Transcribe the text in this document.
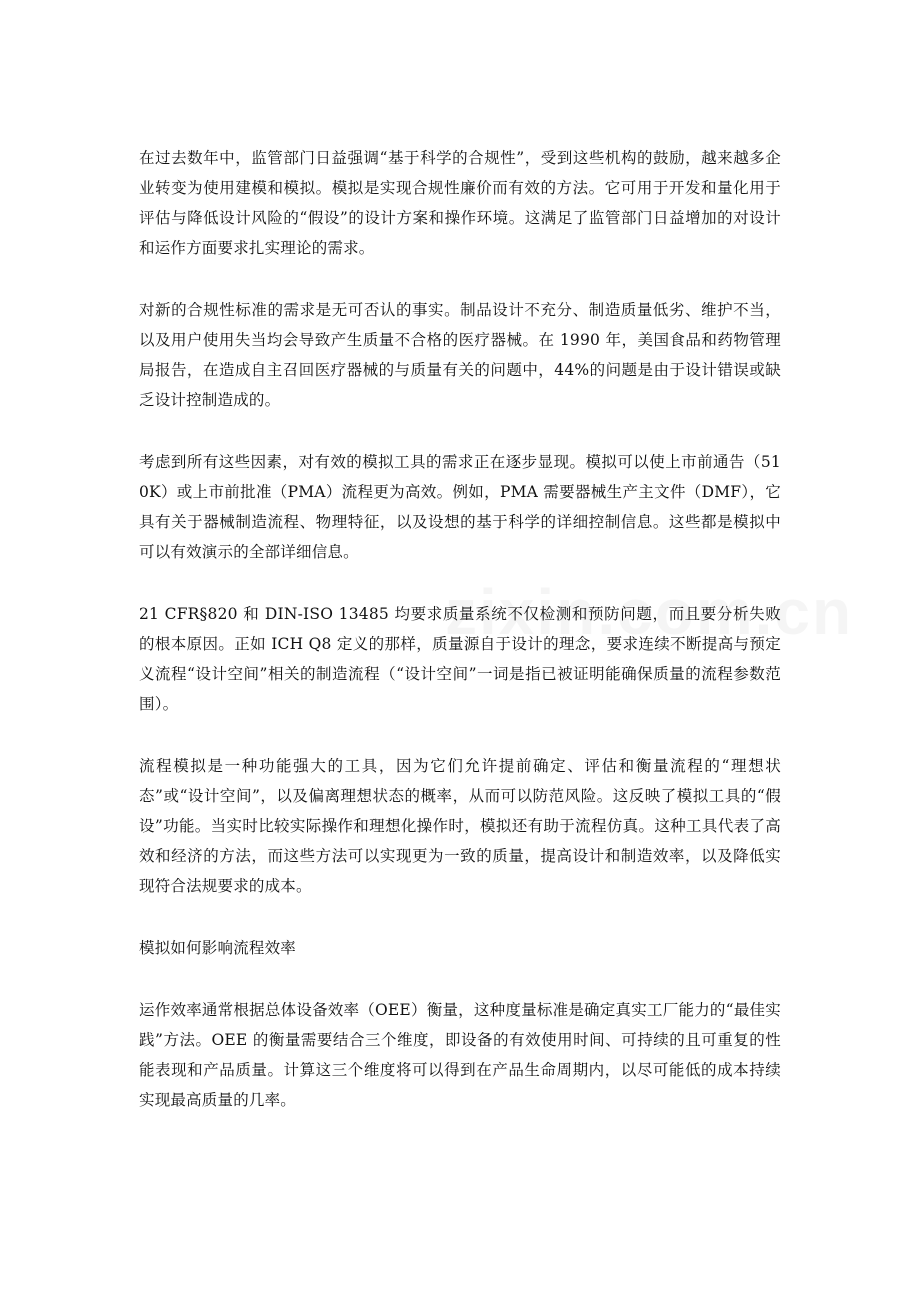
在过去数年中，监管部门日益强调“基于科学的合规性”，受到这些机构的鼓励，越来越多企业转变为使用建模和模拟。模拟是实现合规性廉价而有效的方法。它可用于开发和量化用于评估与降低设计风险的“假设”的设计方案和操作环境。这满足了监管部门日益增加的对设计和运作方面要求扎实理论的需求。

对新的合规性标准的需求是无可否认的事实。制品设计不充分、制造质量低劣、维护不当，以及用户使用失当均会导致产生质量不合格的医疗器械。在 1990 年，美国食品和药物管理局报告，在造成自主召回医疗器械的与质量有关的问题中，44%的问题是由于设计错误或缺乏设计控制造成的。

考虑到所有这些因素，对有效的模拟工具的需求正在逐步显现。模拟可以使上市前通告（510K）或上市前批准（PMA）流程更为高效。例如，PMA 需要器械生产主文件（DMF），它具有关于器械制造流程、物理特征，以及设想的基于科学的详细控制信息。这些都是模拟中可以有效演示的全部详细信息。

21 CFR§820 和 DIN-ISO 13485 均要求质量系统不仅检测和预防问题，而且要分析失败的根本原因。正如 ICH Q8 定义的那样，质量源自于设计的理念，要求连续不断提高与预定义流程“设计空间”相关的制造流程（“设计空间”一词是指已被证明能确保质量的流程参数范围）。

流程模拟是一种功能强大的工具，因为它们允许提前确定、评估和衡量流程的“理想状态”或“设计空间”，以及偏离理想状态的概率，从而可以防范风险。这反映了模拟工具的“假设”功能。当实时比较实际操作和理想化操作时，模拟还有助于流程仿真。这种工具代表了高效和经济的方法，而这些方法可以实现更为一致的质量，提高设计和制造效率，以及降低实现符合法规要求的成本。

模拟如何影响流程效率

运作效率通常根据总体设备效率（OEE）衡量，这种度量标准是确定真实工厂能力的“最佳实践”方法。OEE 的衡量需要结合三个维度，即设备的有效使用时间、可持续的且可重复的性能表现和产品质量。计算这三个维度将可以得到在产品生命周期内，以尽可能低的成本持续实现最高质量的几率。
